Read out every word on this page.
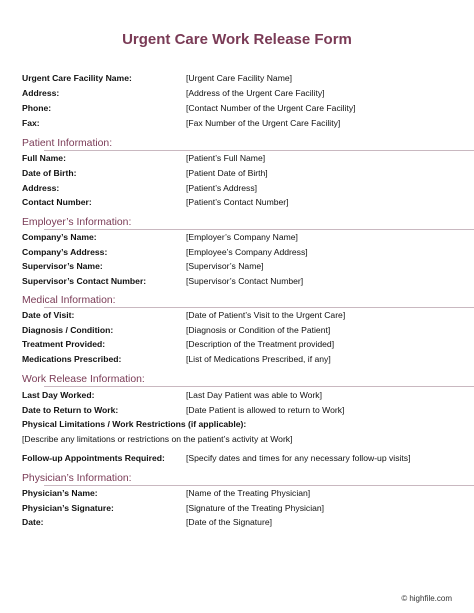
Urgent Care Work Release Form
Urgent Care Facility Name:	[Urgent Care Facility Name]
Address:	[Address of the Urgent Care Facility]
Phone:	[Contact Number of the Urgent Care Facility]
Fax:	[Fax Number of the Urgent Care Facility]
Patient Information:
Full Name:	[Patient’s Full Name]
Date of Birth:	[Patient Date of Birth]
Address:	[Patient’s Address]
Contact Number:	[Patient’s Contact Number]
Employer’s Information:
Company’s Name:	[Employer’s Company Name]
Company’s Address:	[Employee’s Company Address]
Supervisor’s Name:	[Supervisor’s Name]
Supervisor’s Contact Number:	[Supervisor’s Contact Number]
Medical Information:
Date of Visit:	[Date of Patient’s Visit to the Urgent Care]
Diagnosis / Condition:	[Diagnosis or Condition of the Patient]
Treatment Provided:	[Description of the Treatment provided]
Medications Prescribed:	[List of Medications Prescribed, if any]
Work Release Information:
Last Day Worked:	[Last Day Patient was able to Work]
Date to Return to Work:	[Date Patient is allowed to return to Work]
Physical Limitations / Work Restrictions (if applicable):
[Describe any limitations or restrictions on the patient’s activity at Work]
Follow-up Appointments Required: [Specify dates and times for any necessary follow-up visits]
Physician’s Information:
Physician’s Name:	[Name of the Treating Physician]
Physician’s Signature:	[Signature of the Treating Physician]
Date:	[Date of the Signature]
© highfile.com
